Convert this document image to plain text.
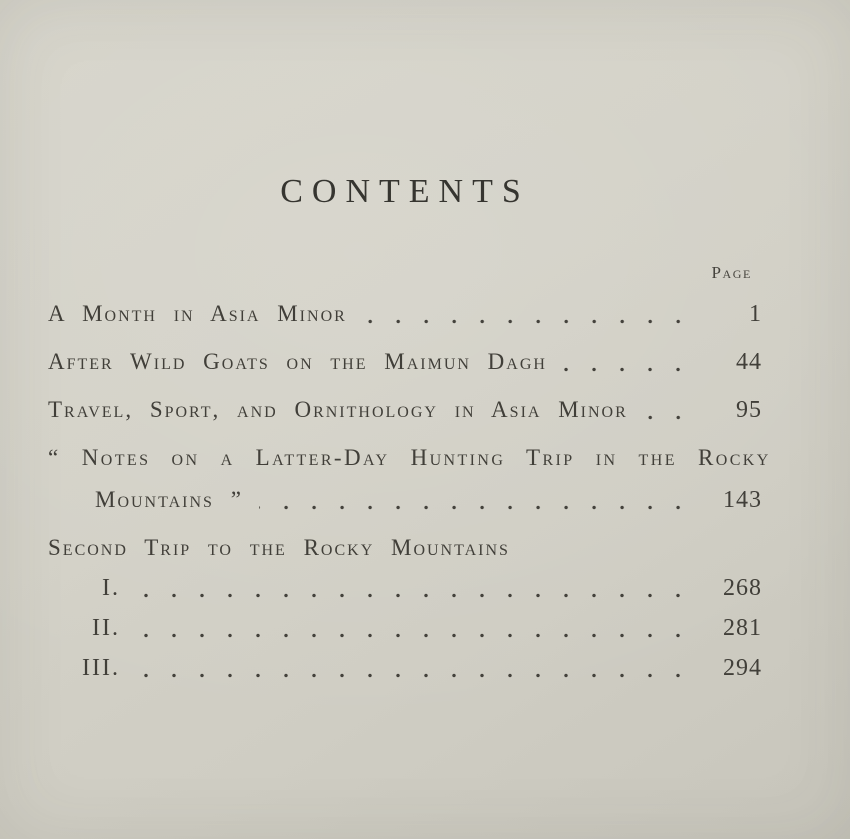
CONTENTS
Page
A Month in Asia Minor	1
After Wild Goats on the Maimun Dagh	44
Travel, Sport, and Ornithology in Asia Minor	95
“ Notes on a Latter-Day Hunting Trip in the Rocky
Mountains ”	143
Second Trip to the Rocky Mountains
I.	268
II.	281
III.	294
